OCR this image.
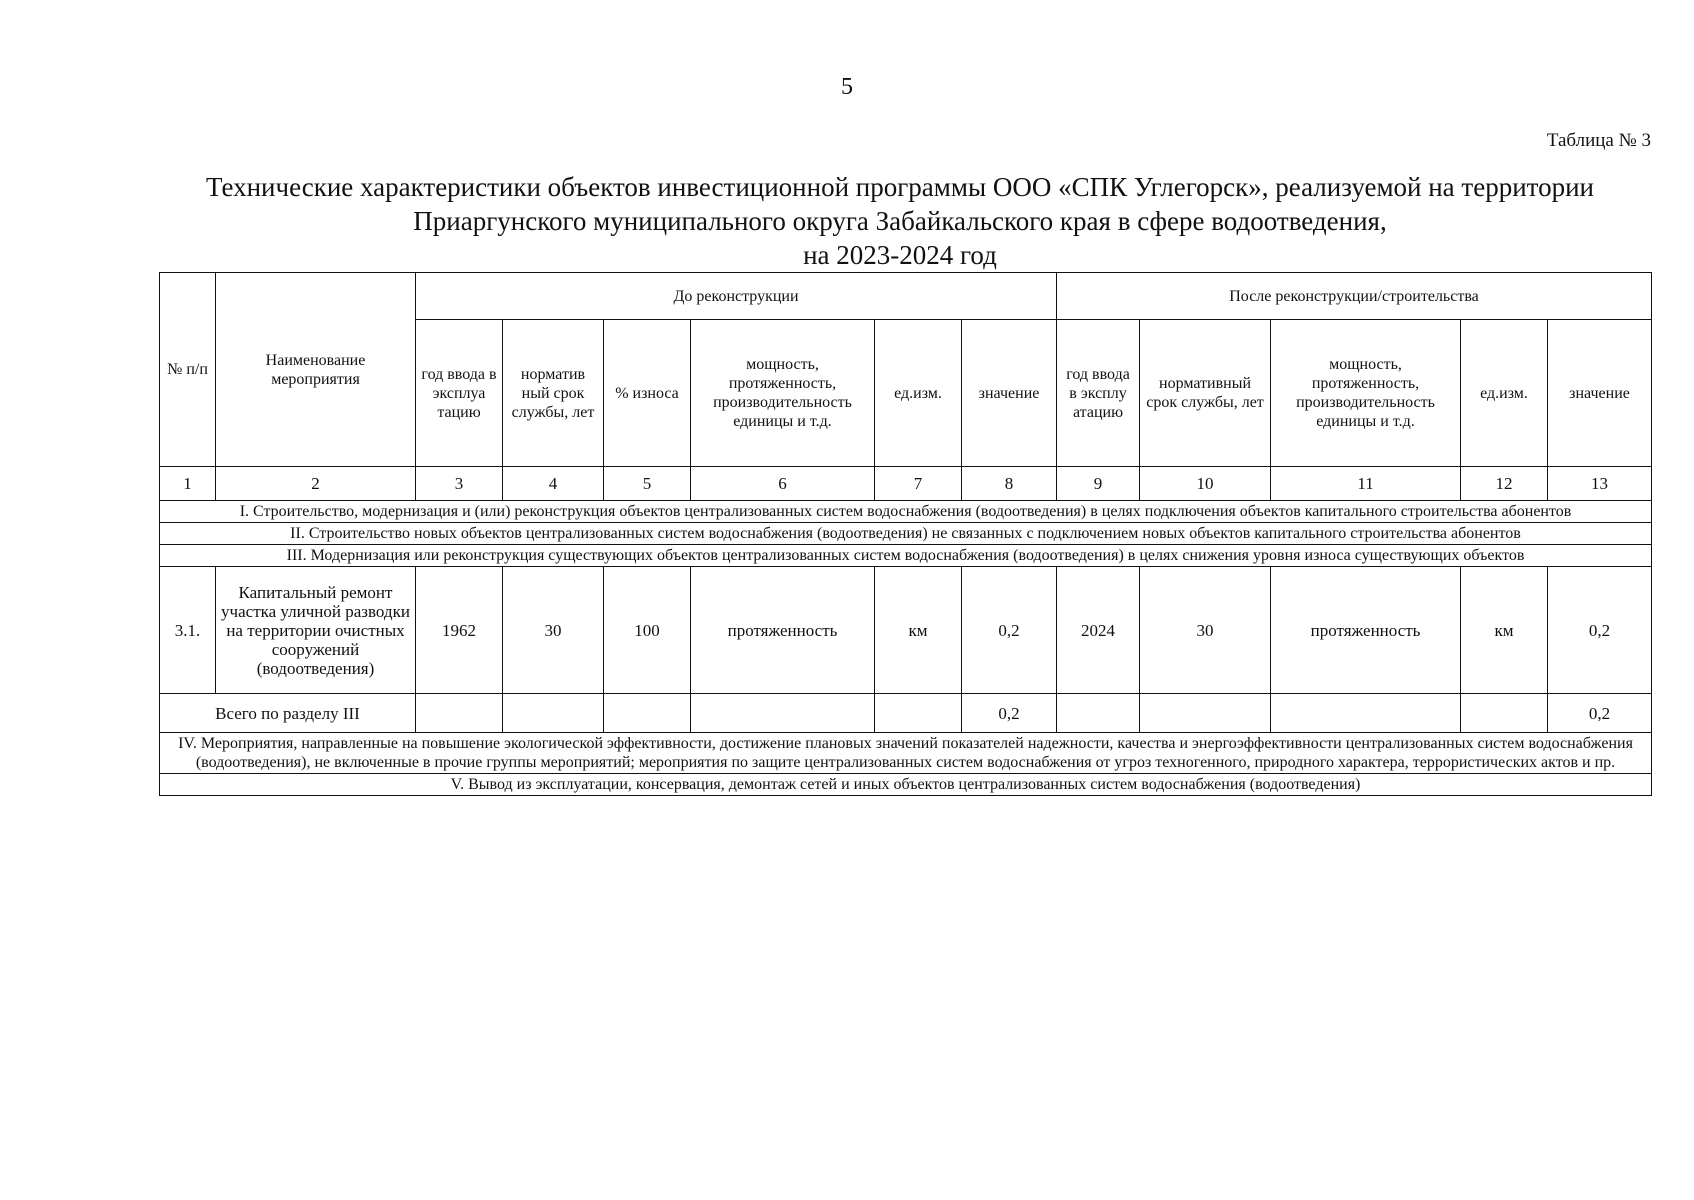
5
Таблица № 3
Технические характеристики объектов инвестиционной программы ООО «СПК Углегорск», реализуемой на территории
Приаргунского муниципального округа Забайкальского края в сфере водоотведения,
на 2023-2024 год
№ п/п	Наименование мероприятия	До реконструкции						После реконструкции/строительства				
		год ввода в эксплуа тацию	норматив ный срок службы, лет	% износа	мощность, протяженность, производительность единицы и т.д.	ед.изм.	значение	год ввода в эксплу атацию	нормативный срок службы, лет	мощность, протяженность, производительность единицы и т.д.	ед.изм.	значение
1	2	3	4	5	6	7	8	9	10	11	12	13
I. Строительство, модернизация и (или) реконструкция объектов централизованных систем водоснабжения (водоотведения) в целях подключения объектов капитального строительства абонентов												
II. Строительство новых объектов централизованных систем водоснабжения (водоотведения) не связанных с подключением новых объектов капитального строительства абонентов												
III. Модернизация или реконструкция существующих объектов централизованных систем водоснабжения (водоотведения) в целях снижения уровня износа существующих объектов												
3.1.	Капитальный ремонт участка уличной разводки на территории очистных сооружений (водоотведения)	1962	30	100	протяженность	км	0,2	2024	30	протяженность	км	0,2
Всего по разделу III							0,2					0,2
IV. Мероприятия, направленные на повышение экологической эффективности, достижение плановых значений показателей надежности, качества и энергоэффективности централизованных систем водоснабжения (водоотведения), не включенные в прочие группы мероприятий; мероприятия по защите централизованных систем водоснабжения от угроз техногенного, природного характера, террористических актов и пр.												
V. Вывод из эксплуатации, консервация, демонтаж сетей и иных объектов централизованных систем водоснабжения (водоотведения)												
